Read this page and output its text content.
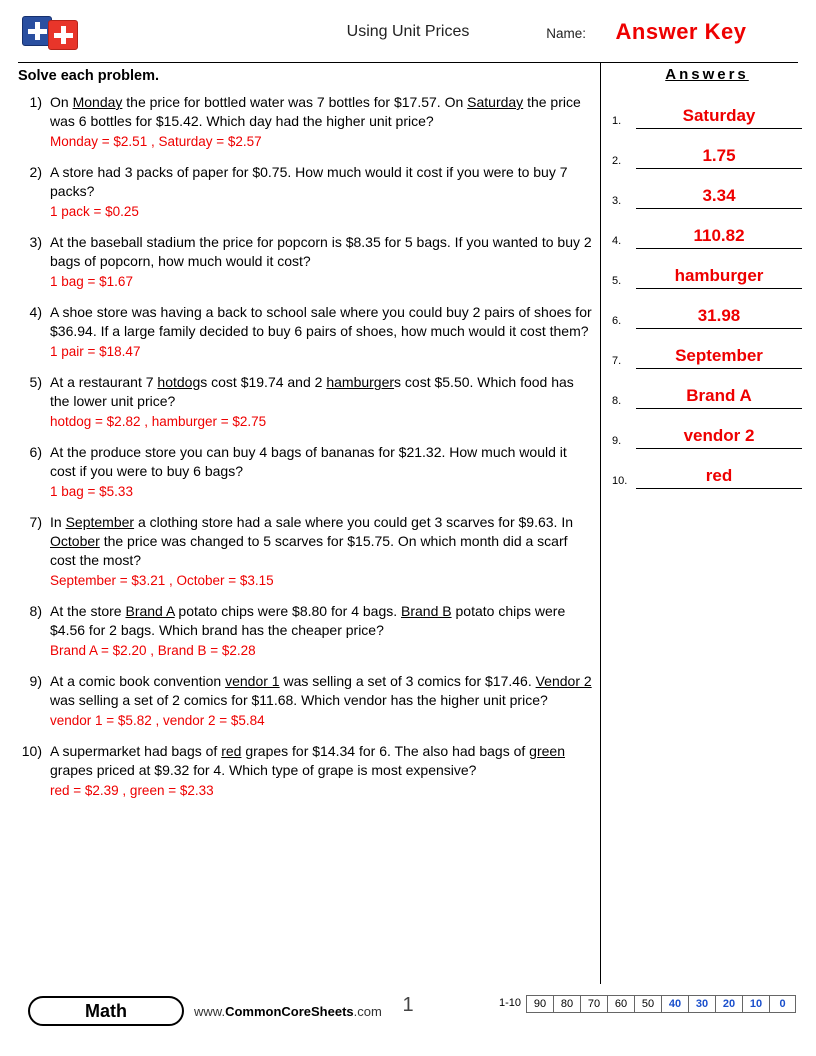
Using Unit Prices	Name:	Answer Key
Solve each problem.
1) On Monday the price for bottled water was 7 bottles for $17.57. On Saturday the price was 6 bottles for $15.42. Which day had the higher unit price?
Monday = $2.51 , Saturday = $2.57
2) A store had 3 packs of paper for $0.75. How much would it cost if you were to buy 7 packs?
1 pack = $0.25
3) At the baseball stadium the price for popcorn is $8.35 for 5 bags. If you wanted to buy 2 bags of popcorn, how much would it cost?
1 bag = $1.67
4) A shoe store was having a back to school sale where you could buy 2 pairs of shoes for $36.94. If a large family decided to buy 6 pairs of shoes, how much would it cost them?
1 pair = $18.47
5) At a restaurant 7 hotdogs cost $19.74 and 2 hamburgers cost $5.50. Which food has the lower unit price?
hotdog = $2.82 , hamburger = $2.75
6) At the produce store you can buy 4 bags of bananas for $21.32. How much would it cost if you were to buy 6 bags?
1 bag = $5.33
7) In September a clothing store had a sale where you could get 3 scarves for $9.63. In October the price was changed to 5 scarves for $15.75. On which month did a scarf cost the most?
September = $3.21 , October = $3.15
8) At the store Brand A potato chips were $8.80 for 4 bags. Brand B potato chips were $4.56 for 2 bags. Which brand has the cheaper price?
Brand A = $2.20 , Brand B = $2.28
9) At a comic book convention vendor 1 was selling a set of 3 comics for $17.46. Vendor 2 was selling a set of 2 comics for $11.68. Which vendor has the higher unit price?
vendor 1 = $5.82 , vendor 2 = $5.84
10) A supermarket had bags of red grapes for $14.34 for 6. The also had bags of green grapes priced at $9.32 for 4. Which type of grape is most expensive?
red = $2.39 , green = $2.33
Answers
1.	Saturday
2.	1.75
3.	3.34
4.	110.82
5.	hamburger
6.	31.98
7.	September
8.	Brand A
9.	vendor 2
10.	red
Math	www.CommonCoreSheets.com	1	1-10	90	80	70	60	50	40	30	20	10	0
